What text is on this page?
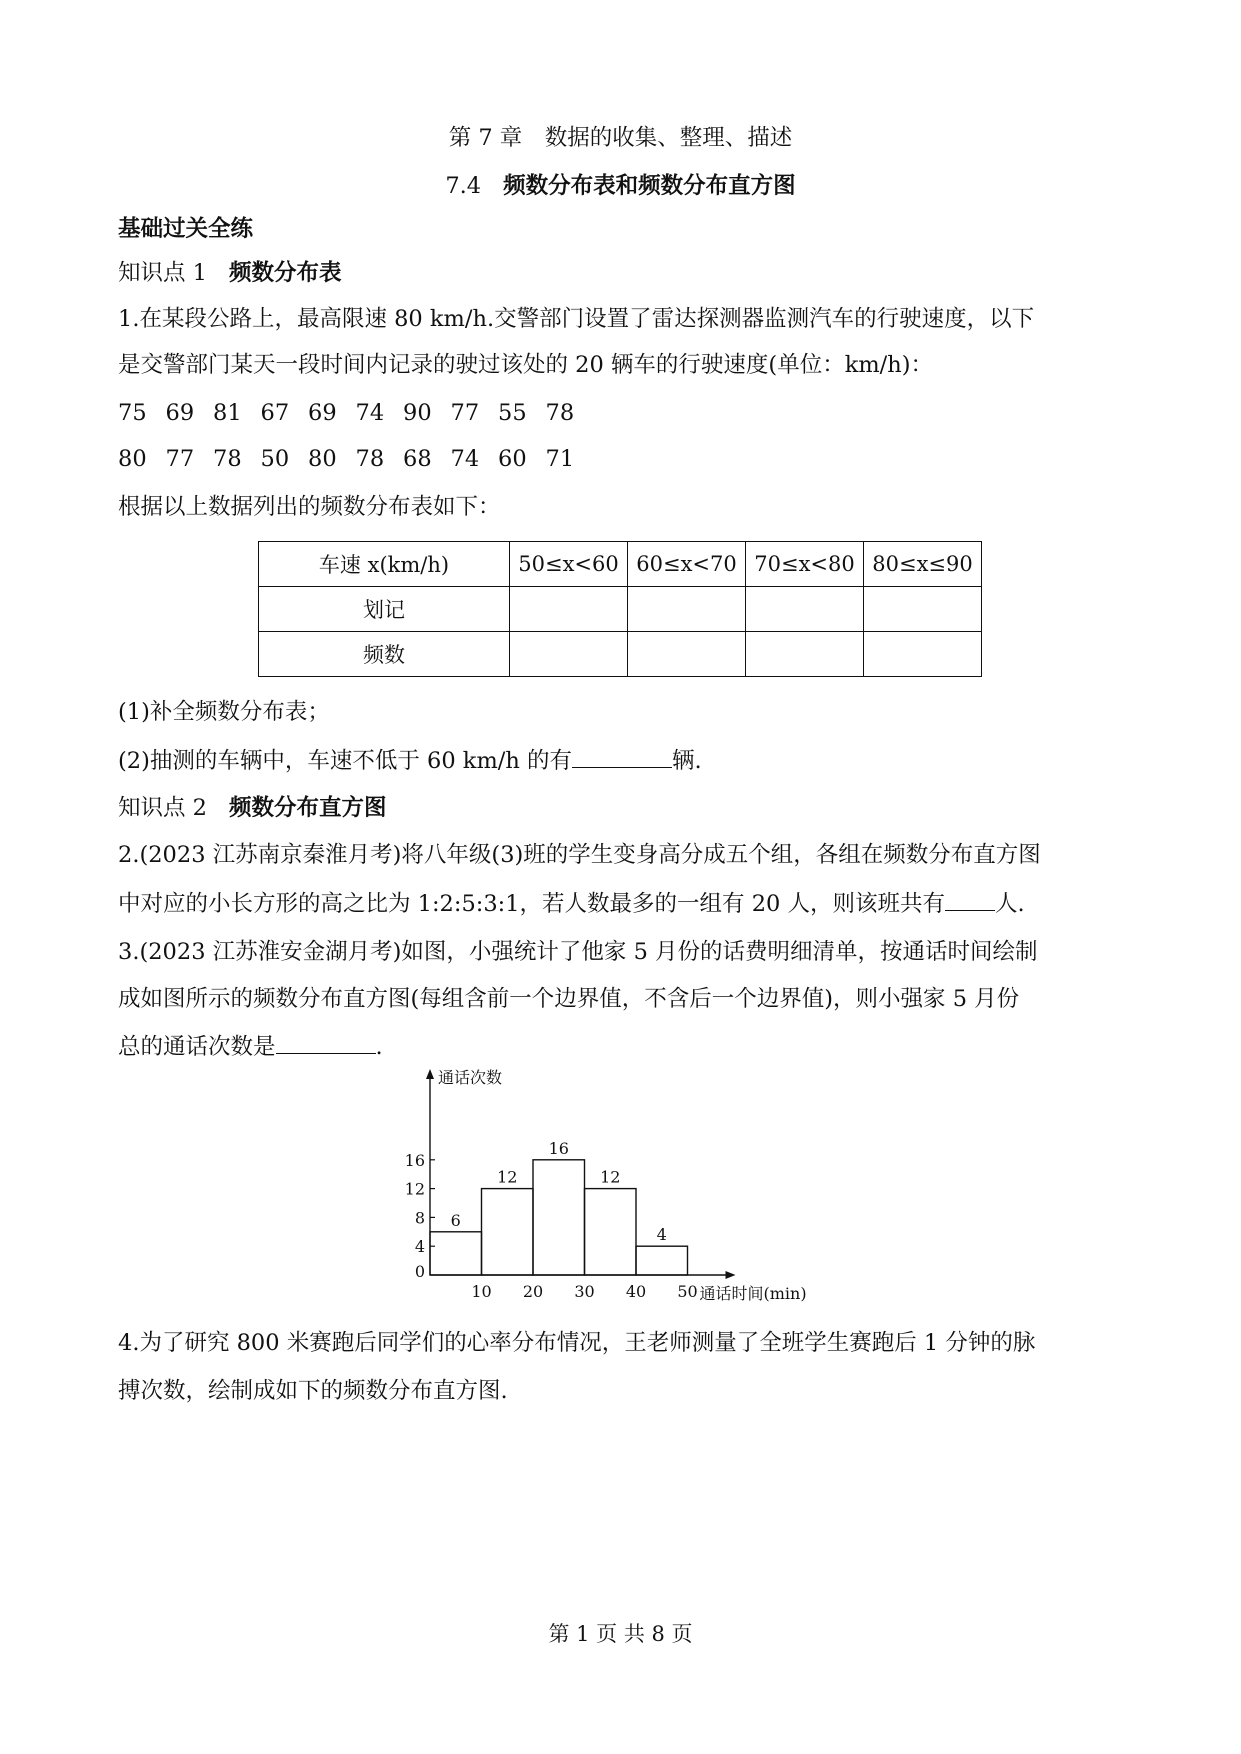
第 7 章　数据的收集、整理、描述
7.4 频数分布表和频数分布直方图
基础过关全练
知识点 1 频数分布表
1.在某段公路上，最高限速 80 km/h.交警部门设置了雷达探测器监测汽车的行驶速度，以下
是交警部门某天一段时间内记录的驶过该处的 20 辆车的行驶速度(单位：km/h)：
75 69 81 67 69 74 90 77 55 78
80 77 78 50 80 78 68 74 60 71
根据以上数据列出的频数分布表如下：
车速 x(km/h)	50≤x<60	60≤x<70	70≤x<80	80≤x≤90
划记				
频数				
(1)补全频数分布表；
(2)抽测的车辆中，车速不低于 60 km/h 的有	辆.
知识点 2 频数分布直方图
2.(2023 江苏南京秦淮月考)将八年级(3)班的学生变身高分成五个组，各组在频数分布直方图
中对应的小长方形的高之比为 1:2:5:3:1，若人数最多的一组有 20 人，则该班共有 人.
3.(2023 江苏淮安金湖月考)如图，小强统计了他家 5 月份的话费明细清单，按通话时间绘制
成如图所示的频数分布直方图(每组含前一个边界值，不含后一个边界值)，则小强家 5 月份
总的通话次数是	.
6
12
16
12
4
4
8
12
16
0
10 20 30 40 50
通话次数
通话时间(min)
4.为了研究 800 米赛跑后同学们的心率分布情况，王老师测量了全班学生赛跑后 1 分钟的脉
搏次数，绘制成如下的频数分布直方图.
第 1 页 共 8 页
